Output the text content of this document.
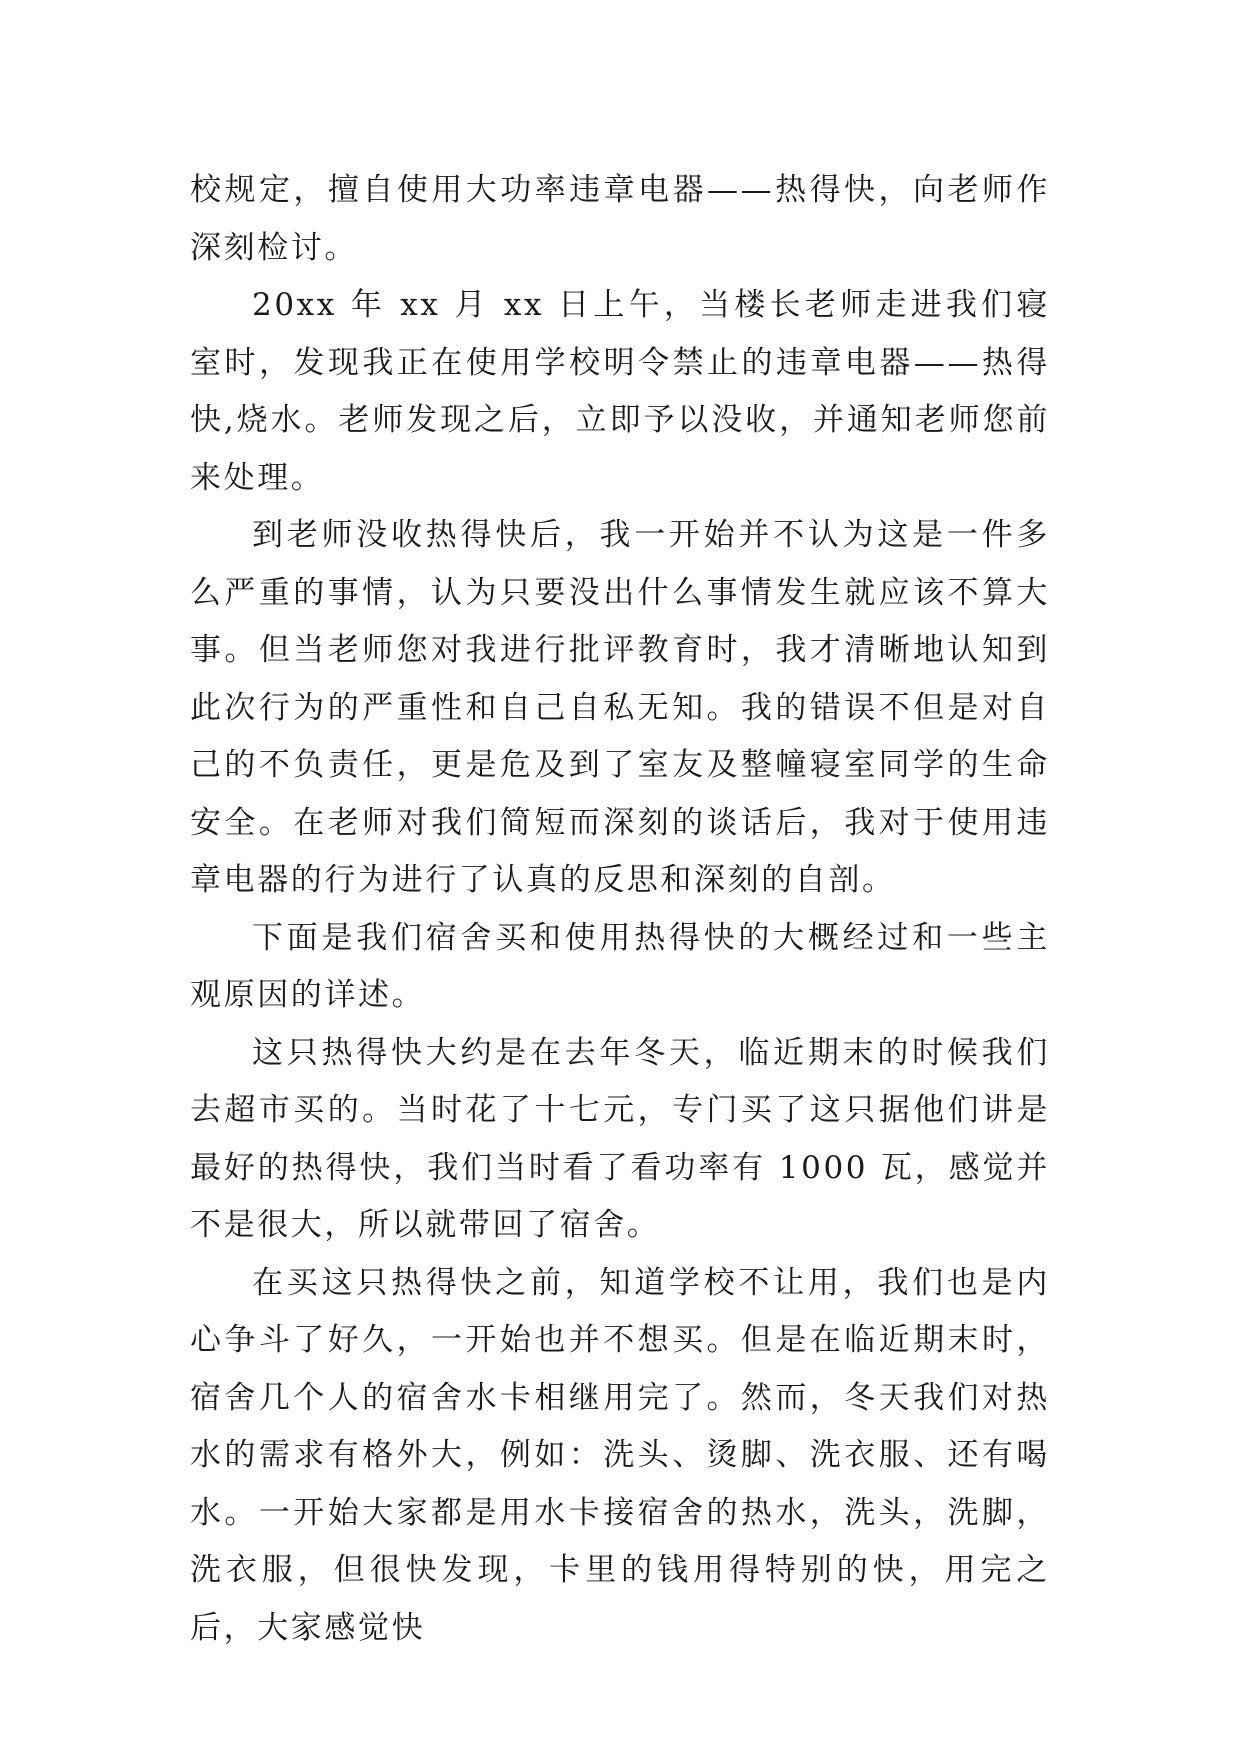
校规定，擅自使用大功率违章电器——热得快，向老师作深刻检讨。

20xx 年 xx 月 xx 日上午，当楼长老师走进我们寝室时，发现我正在使用学校明令禁止的违章电器——热得快,烧水。老师发现之后，立即予以没收，并通知老师您前来处理。

到老师没收热得快后，我一开始并不认为这是一件多么严重的事情，认为只要没出什么事情发生就应该不算大事。但当老师您对我进行批评教育时，我才清晰地认知到此次行为的严重性和自己自私无知。我的错误不但是对自己的不负责任，更是危及到了室友及整幢寝室同学的生命安全。在老师对我们简短而深刻的谈话后，我对于使用违章电器的行为进行了认真的反思和深刻的自剖。

下面是我们宿舍买和使用热得快的大概经过和一些主观原因的详述。

这只热得快大约是在去年冬天，临近期末的时候我们去超市买的。当时花了十七元，专门买了这只据他们讲是最好的热得快，我们当时看了看功率有 1000 瓦，感觉并不是很大，所以就带回了宿舍。

在买这只热得快之前，知道学校不让用，我们也是内心争斗了好久，一开始也并不想买。但是在临近期末时，宿舍几个人的宿舍水卡相继用完了。然而，冬天我们对热水的需求有格外大，例如：洗头、烫脚、洗衣服、还有喝水。一开始大家都是用水卡接宿舍的热水，洗头，洗脚，洗衣服，但很快发现，卡里的钱用得特别的快，用完之后，大家感觉快
